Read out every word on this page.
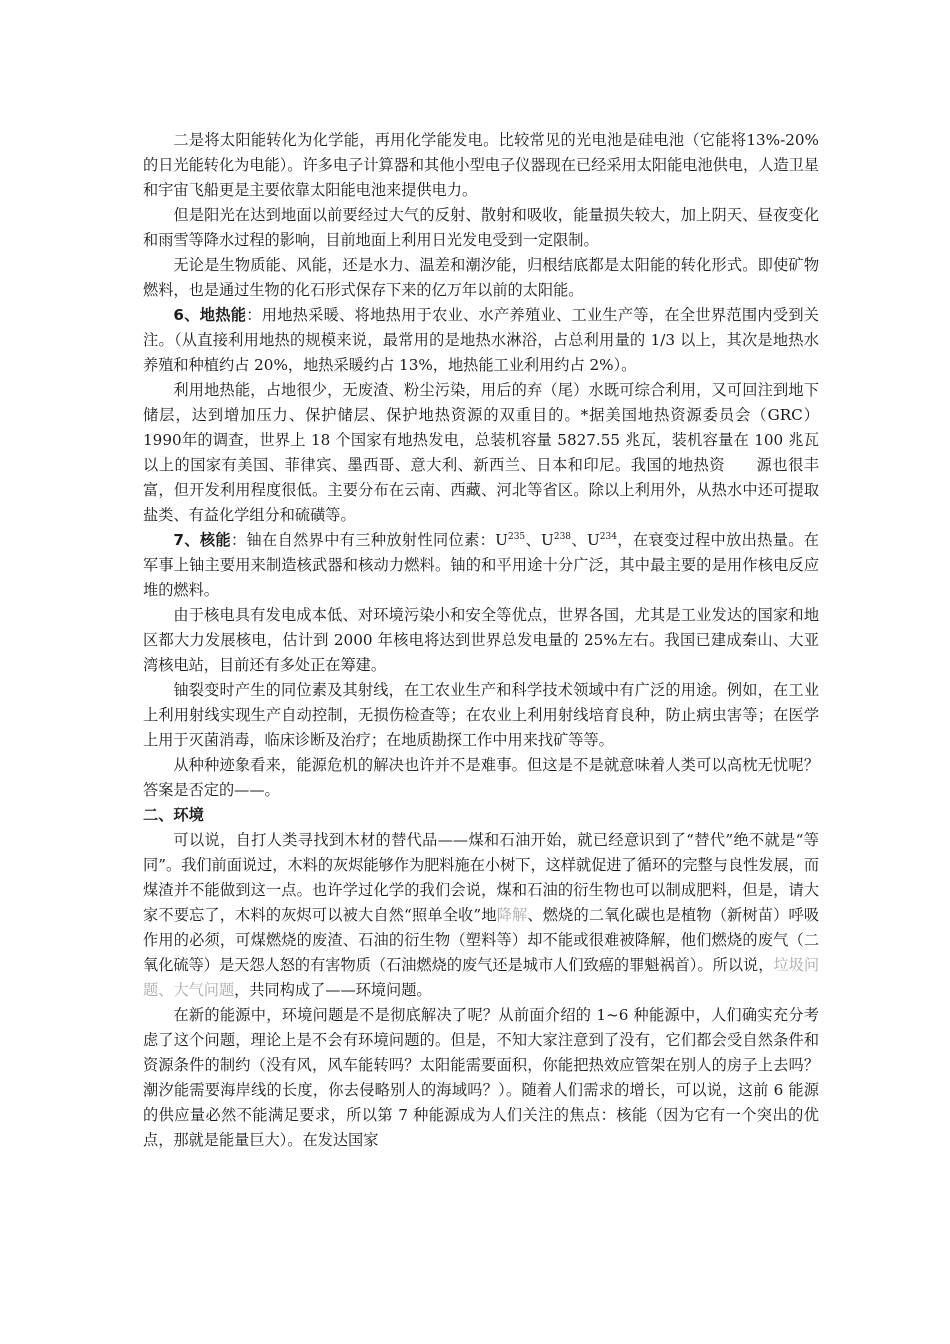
二是将太阳能转化为化学能，再用化学能发电。比较常见的光电池是硅电池（它能将13%-20%的日光能转化为电能）。许多电子计算器和其他小型电子仪器现在已经采用太阳能电池供电，人造卫星和宇宙飞船更是主要依靠太阳能电池来提供电力。

但是阳光在达到地面以前要经过大气的反射、散射和吸收，能量损失较大，加上阴天、昼夜变化和雨雪等降水过程的影响，目前地面上利用日光发电受到一定限制。

无论是生物质能、风能，还是水力、温差和潮汐能，归根结底都是太阳能的转化形式。即使矿物燃料，也是通过生物的化石形式保存下来的亿万年以前的太阳能。

6、地热能：用地热采暖、将地热用于农业、水产养殖业、工业生产等，在全世界范围内受到关注。（从直接利用地热的规模来说，最常用的是地热水淋浴，占总利用量的 1/3 以上，其次是地热水养殖和种植约占 20%，地热采暖约占 13%，地热能工业利用约占 2%）。

利用地热能，占地很少，无废渣、粉尘污染，用后的弃（尾）水既可综合利用，又可回注到地下储层，达到增加压力、保护储层、保护地热资源的双重目的。*据美国地热资源委员会（GRC） 1990年的调查，世界上 18 个国家有地热发电，总装机容量 5827.55 兆瓦，装机容量在 100 兆瓦以上的国家有美国、菲律宾、墨西哥、意大利、新西兰、日本和印尼。我国的地热资　　源也很丰富，但开发利用程度很低。主要分布在云南、西藏、河北等省区。除以上利用外，从热水中还可提取盐类、有益化学组分和硫磺等。

7、核能：铀在自然界中有三种放射性同位素：$U^{235}$、$U^{238}$、$U^{234}$，在衰变过程中放出热量。在军事上铀主要用来制造核武器和核动力燃料。铀的和平用途十分广泛，其中最主要的是用作核电反应堆的燃料。

由于核电具有发电成本低、对环境污染小和安全等优点，世界各国，尤其是工业发达的国家和地区都大力发展核电，估计到 2000 年核电将达到世界总发电量的 25%左右。我国已建成秦山、大亚湾核电站，目前还有多处正在筹建。

铀裂变时产生的同位素及其射线，在工农业生产和科学技术领域中有广泛的用途。例如，在工业上利用射线实现生产自动控制，无损伤检查等；在农业上利用射线培育良种，防止病虫害等；在医学上用于灭菌消毒，临床诊断及治疗；在地质勘探工作中用来找矿等等。

从种种迹象看来，能源危机的解决也许并不是难事。但这是不是就意味着人类可以高枕无忧呢？答案是否定的——。

二、环境

可以说，自打人类寻找到木材的替代品——煤和石油开始，就已经意识到了“替代”绝不就是“等同”。我们前面说过，木料的灰烬能够作为肥料施在小树下，这样就促进了循环的完整与良性发展，而煤渣并不能做到这一点。也许学过化学的我们会说，煤和石油的衍生物也可以制成肥料，但是，请大家不要忘了，木料的灰烬可以被大自然“照单全收”地降解、燃烧的二氧化碳也是植物（新树苗）呼吸作用的必须，可煤燃烧的废渣、石油的衍生物（塑料等）却不能或很难被降解，他们燃烧的废气（二氧化硫等）是天怨人怒的有害物质（石油燃烧的废气还是城市人们致癌的罪魁祸首）。所以说，垃圾问题、大气问题，共同构成了——环境问题。

在新的能源中，环境问题是不是彻底解决了呢？从前面介绍的 1~6 种能源中，人们确实充分考虑了这个问题，理论上是不会有环境问题的。但是，不知大家注意到了没有，它们都会受自然条件和资源条件的制约（没有风，风车能转吗？太阳能需要面积，你能把热效应管架在别人的房子上去吗？潮汐能需要海岸线的长度，你去侵略别人的海域吗？）。随着人们需求的增长，可以说，这前 6 能源的供应量必然不能满足要求，所以第 7 种能源成为人们关注的焦点：核能（因为它有一个突出的优点，那就是能量巨大）。在发达国家
